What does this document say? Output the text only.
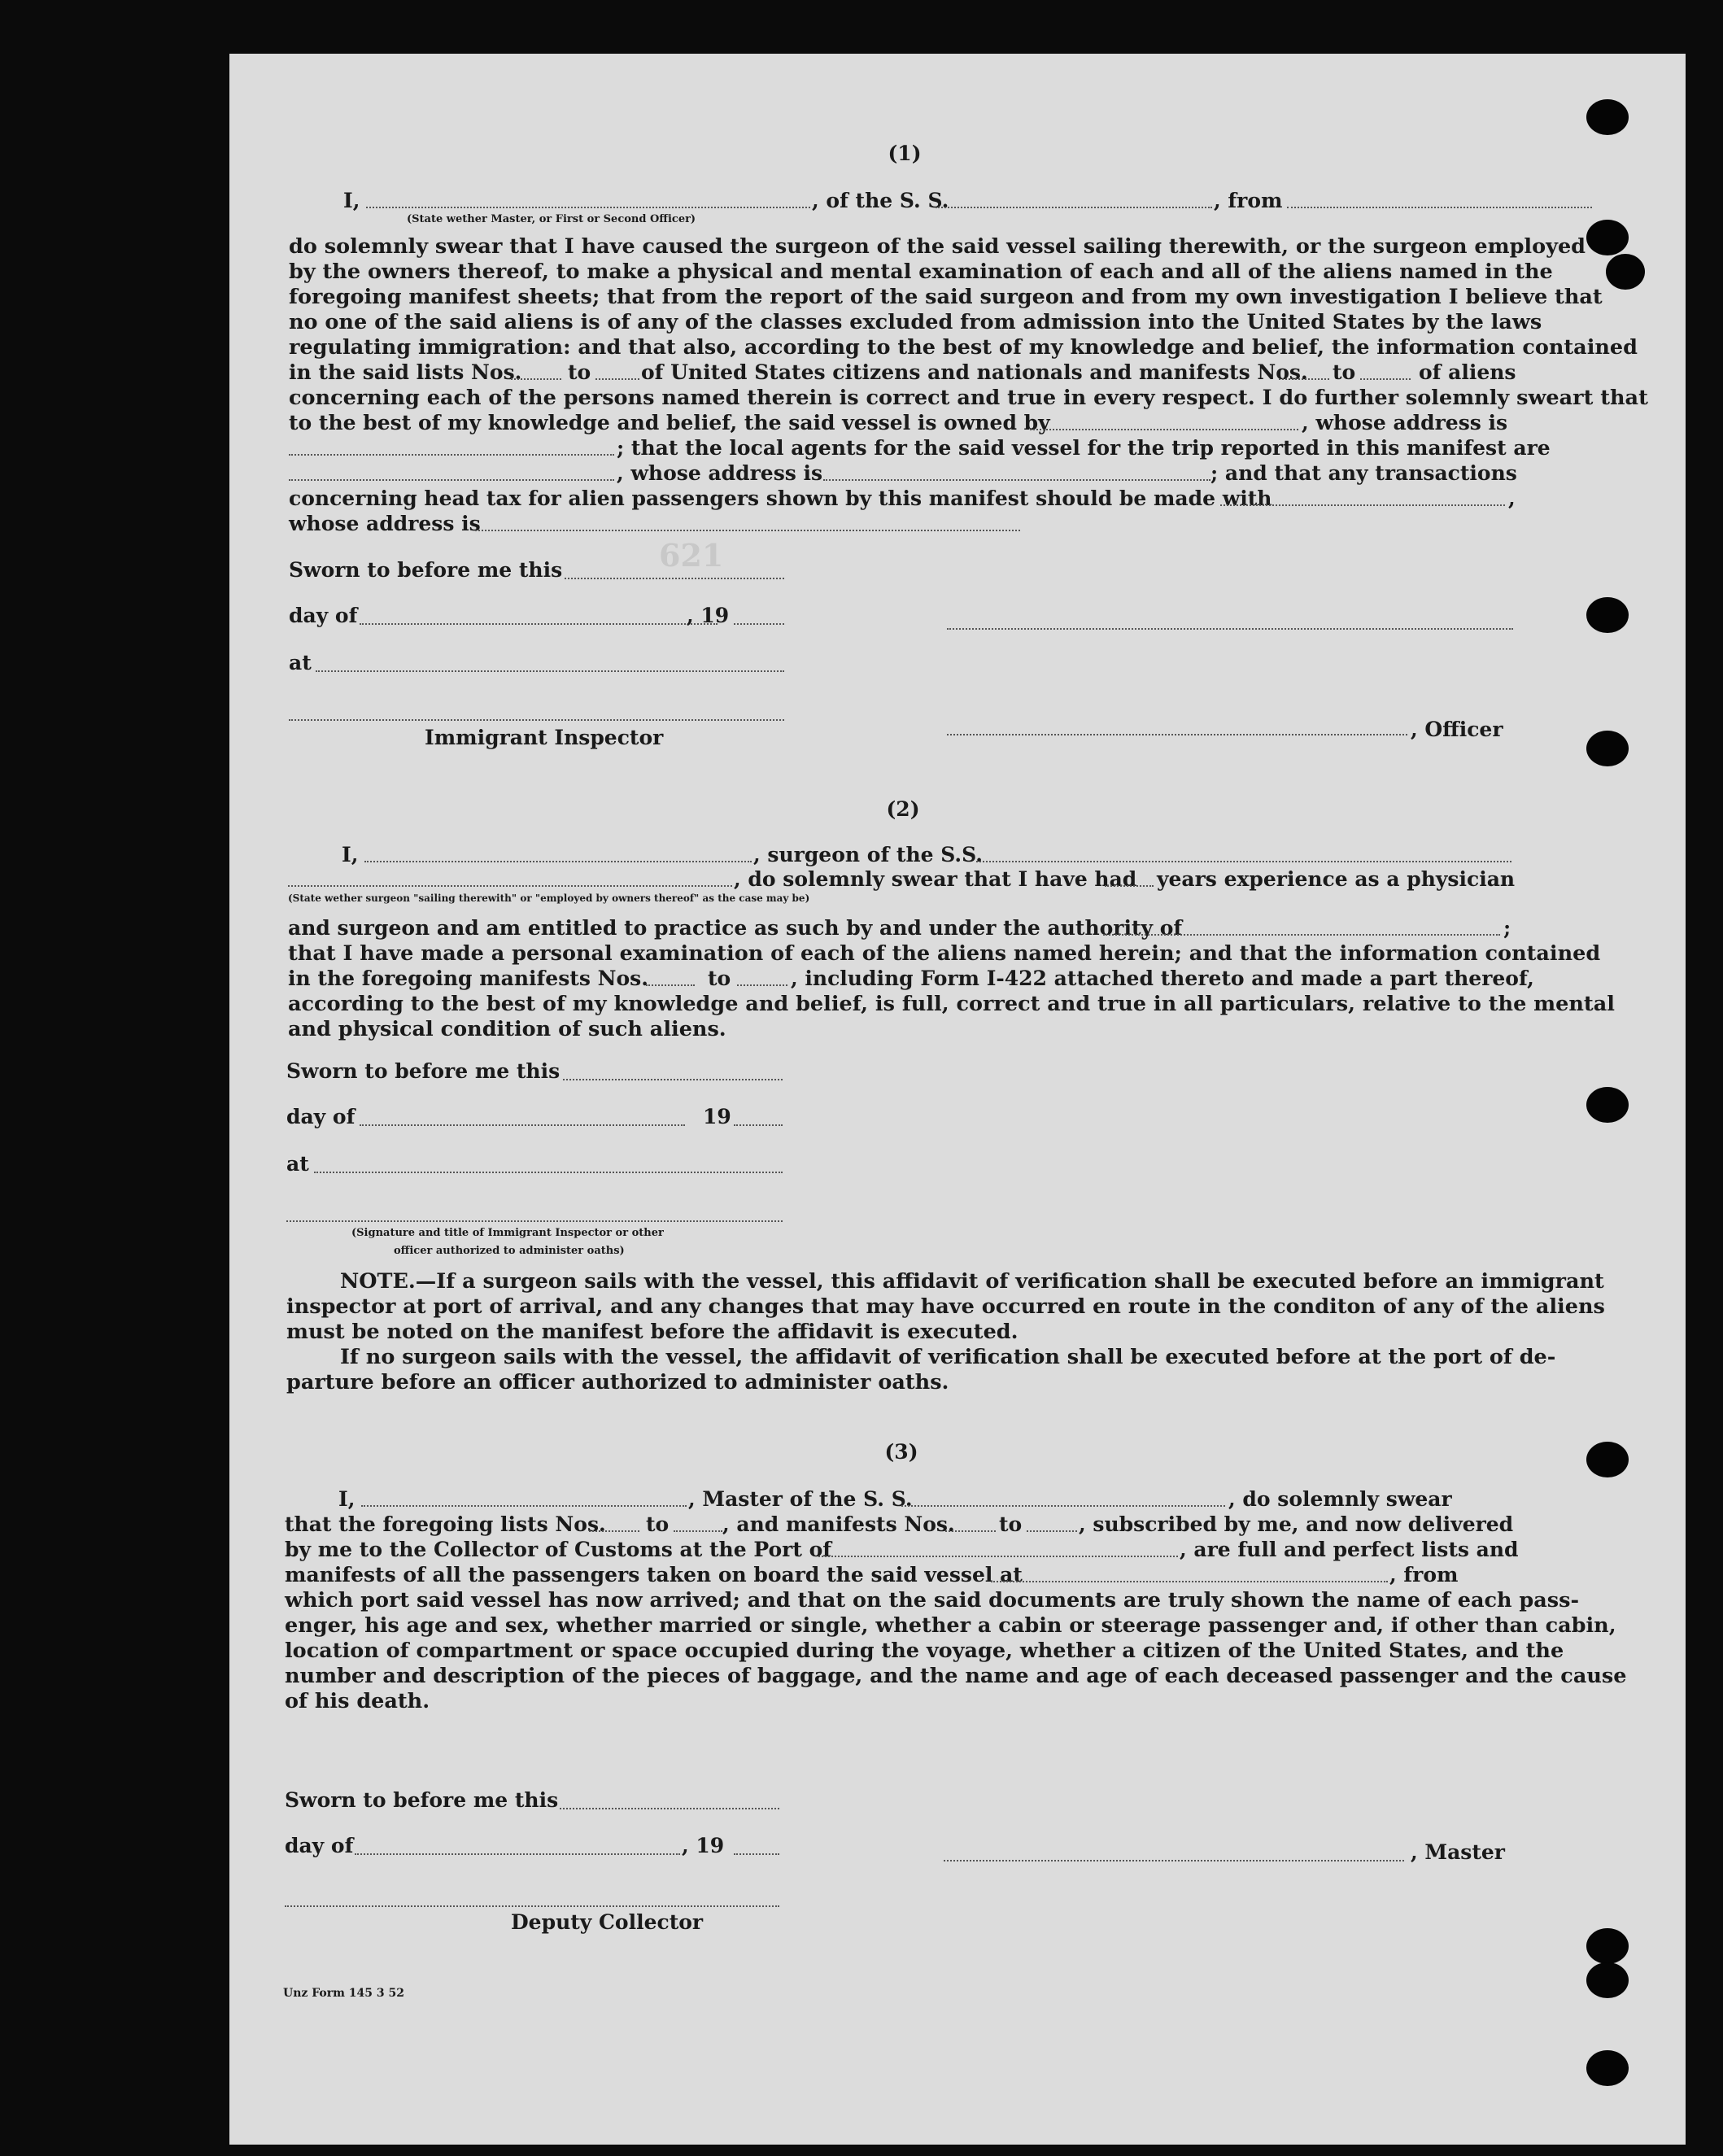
(1)
I,	, of the S. S.	, from
(State wether Master, or First or Second Officer)
do solemnly swear that I have caused the surgeon of the said vessel sailing therewith, or the surgeon employed
by the owners thereof, to make a physical and mental examination of each and all of the aliens named in the
foregoing manifest sheets; that from the report of the said surgeon and from my own investigation I believe that
no one of the said aliens is of any of the classes excluded from admission into the United States by the laws
regulating immigration: and that also, according to the best of my knowledge and belief, the information contained
in the said lists Nos. to of United States citizens and nationals and manifests Nos. to	of aliens
concerning each of the persons named therein is correct and true in every respect. I do further solemnly sweart that
to the best of my knowledge and belief, the said vessel is owned by	, whose address is
; that the local agents for the said vessel for the trip reported in this manifest are
, whose address is	; and that any transactions
concerning head tax for alien passengers shown by this manifest should be made with	,
whose address is
Sworn to before me this	621
day of	, 19
at
Immigrant Inspector	, Officer
(2)
I,	, surgeon of the S.S.
, do solemnly swear that I have had years experience as a physician
(State wether surgeon "sailing therewith" or "employed by owners thereof" as the case may be)
and surgeon and am entitled to practice as such by and under the authority of	;
that I have made a personal examination of each of the aliens named herein; and that the information contained
in the foregoing manifests Nos.	to	, including Form I-422 attached thereto and made a part thereof,
according to the best of my knowledge and belief, is full, correct and true in all particulars, relative to the mental
and physical condition of such aliens.
Sworn to before me this
day of	19
at
(Signature and title of Immigrant Inspector or other
officer authorized to administer oaths)
NOTE.—If a surgeon sails with the vessel, this affidavit of verification shall be executed before an immigrant
inspector at port of arrival, and any changes that may have occurred en route in the conditon of any of the aliens
must be noted on the manifest before the affidavit is executed.
If no surgeon sails with the vessel, the affidavit of verification shall be executed before at the port of de-
parture before an officer authorized to administer oaths.
(3)
I,	, Master of the S. S.	, do solemnly swear
that the foregoing lists Nos. to	, and manifests Nos. to	, subscribed by me, and now delivered
by me to the Collector of Customs at the Port of	, are full and perfect lists and
manifests of all the passengers taken on board the said vessel at	, from
which port said vessel has now arrived; and that on the said documents are truly shown the name of each pass-
enger, his age and sex, whether married or single, whether a cabin or steerage passenger and, if other than cabin,
location of compartment or space occupied during the voyage, whether a citizen of the United States, and the
number and description of the pieces of baggage, and the name and age of each deceased passenger and the cause
of his death.
Sworn to before me this
day of	, 19	, Master
Deputy Collector
Unz Form 145 3 52
